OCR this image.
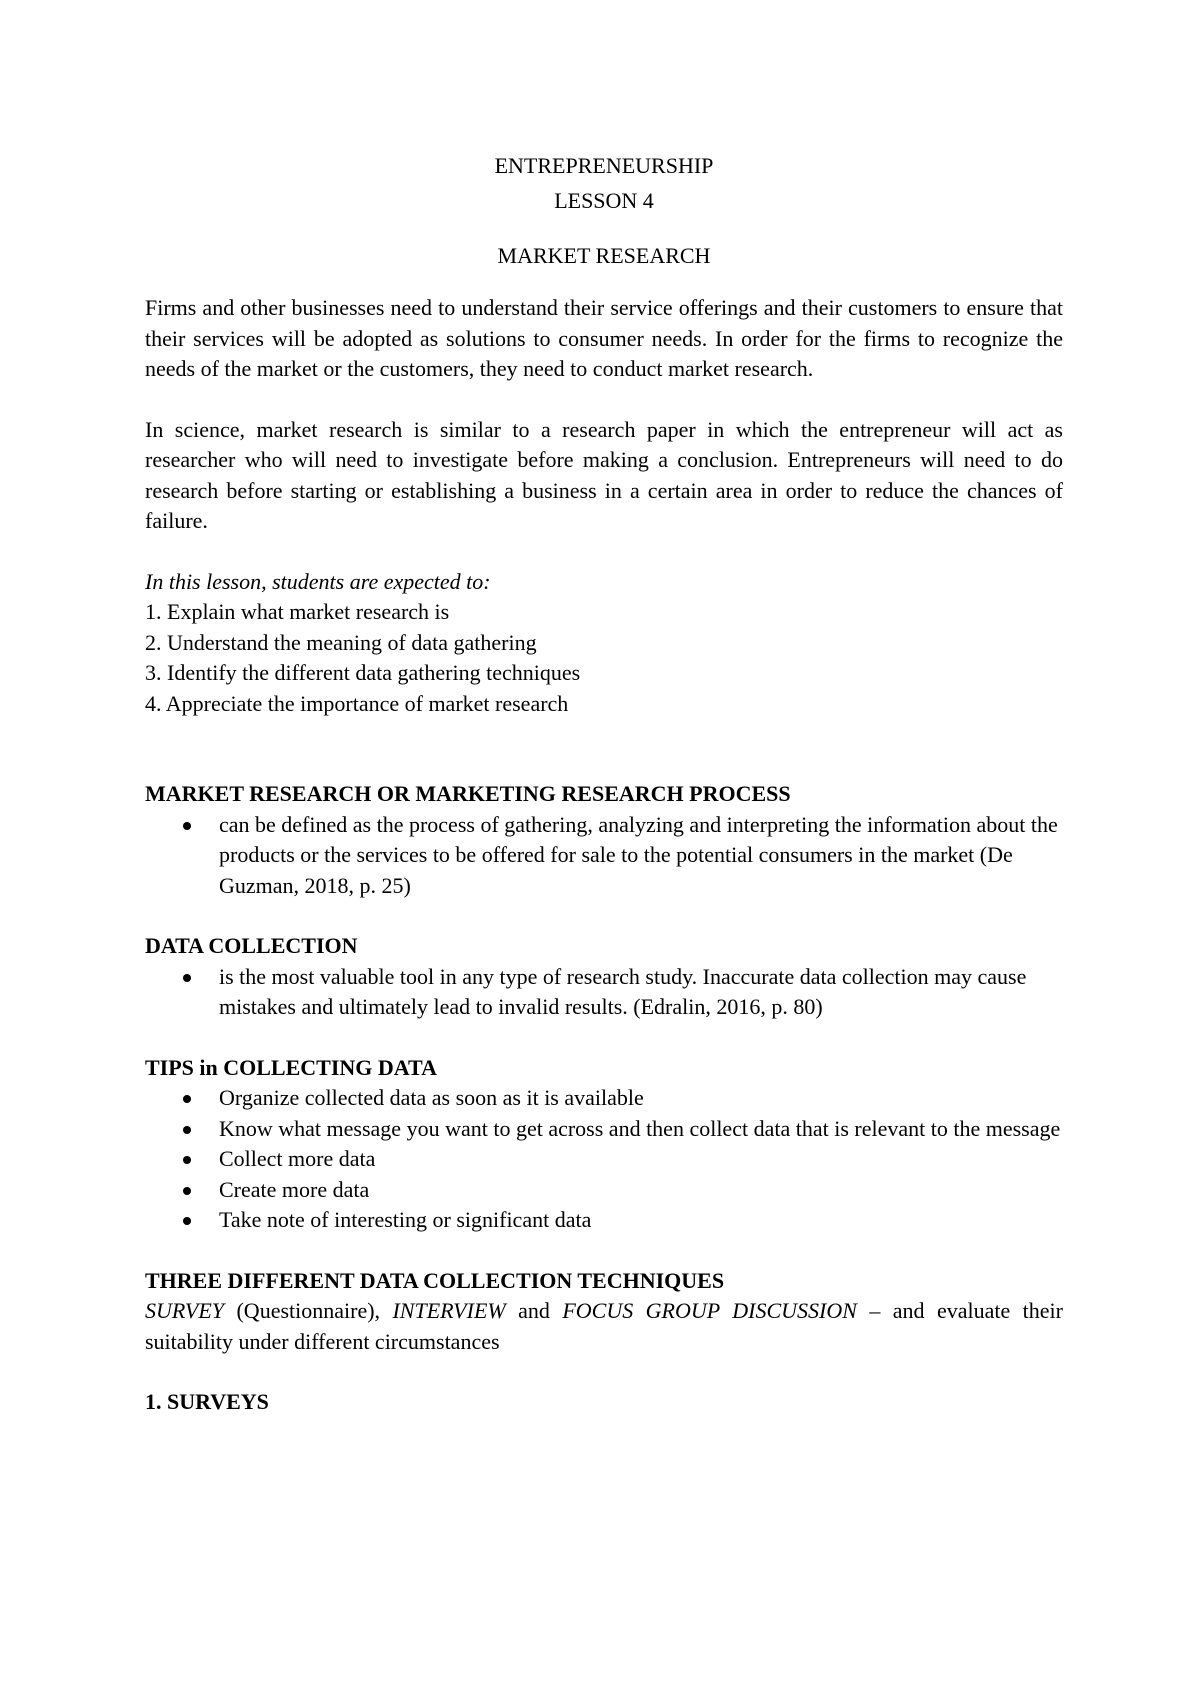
ENTREPRENEURSHIP
LESSON 4
MARKET RESEARCH

Firms and other businesses need to understand their service offerings and their customers to ensure that their services will be adopted as solutions to consumer needs. In order for the firms to recognize the needs of the market or the customers, they need to conduct market research.

In science, market research is similar to a research paper in which the entrepreneur will act as researcher who will need to investigate before making a conclusion. Entrepreneurs will need to do research before starting or establishing a business in a certain area in order to reduce the chances of failure.

In this lesson, students are expected to:
1. Explain what market research is
2. Understand the meaning of data gathering
3. Identify the different data gathering techniques
4. Appreciate the importance of market research
MARKET RESEARCH OR MARKETING RESEARCH PROCESS
can be defined as the process of gathering, analyzing and interpreting the information about the products or the services to be offered for sale to the potential consumers in the market (De Guzman, 2018, p. 25)
DATA COLLECTION
is the most valuable tool in any type of research study. Inaccurate data collection may cause mistakes and ultimately lead to invalid results. (Edralin, 2016, p. 80)
TIPS in COLLECTING DATA
Organize collected data as soon as it is available
Know what message you want to get across and then collect data that is relevant to the message
Collect more data
Create more data
Take note of interesting or significant data
THREE DIFFERENT DATA COLLECTION TECHNIQUES

SURVEY (Questionnaire), INTERVIEW and FOCUS GROUP DISCUSSION – and evaluate their suitability under different circumstances

1. SURVEYS
